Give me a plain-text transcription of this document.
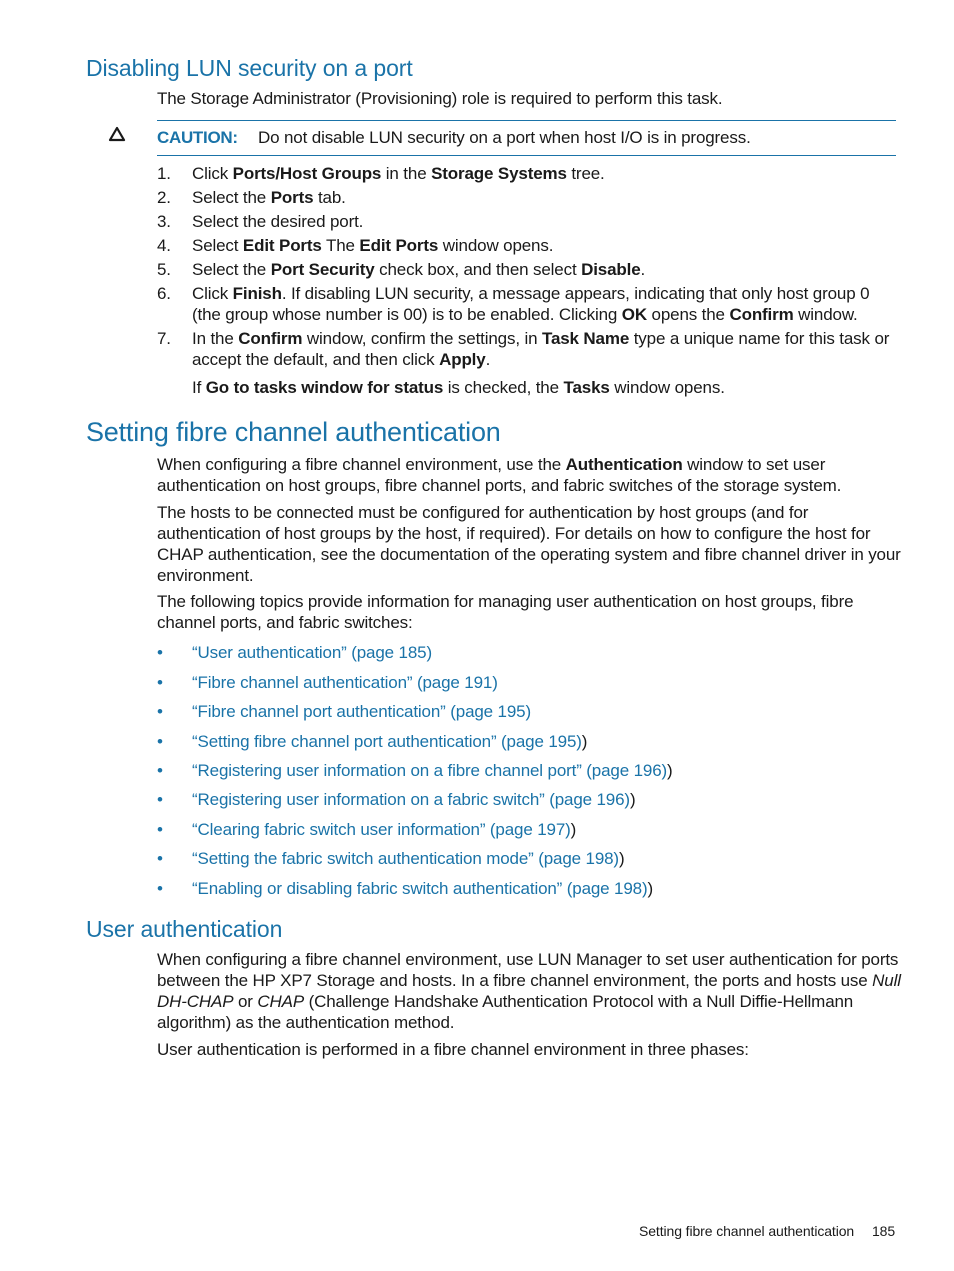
Disabling LUN security on a port

The Storage Administrator (Provisioning) role is required to perform this task.

CAUTION: Do not disable LUN security on a port when host I/O is in progress.
1. Click Ports/Host Groups in the Storage Systems tree.
2. Select the Ports tab.
3. Select the desired port.
4. Select Edit Ports The Edit Ports window opens.
5. Select the Port Security check box, and then select Disable.
6. Click Finish. If disabling LUN security, a message appears, indicating that only host group 0 (the group whose number is 00) is to be enabled. Clicking OK opens the Confirm window.
7. In the Confirm window, confirm the settings, in Task Name type a unique name for this task or accept the default, and then click Apply.

If Go to tasks window for status is checked, the Tasks window opens.

Setting fibre channel authentication

When configuring a fibre channel environment, use the Authentication window to set user authentication on host groups, fibre channel ports, and fabric switches of the storage system.

The hosts to be connected must be configured for authentication by host groups (and for authentication of host groups by the host, if required). For details on how to configure the host for CHAP authentication, see the documentation of the operating system and fibre channel driver in your environment.

The following topics provide information for managing user authentication on host groups, fibre channel ports, and fabric switches:

• “User authentication” (page 185)
• “Fibre channel authentication” (page 191)
• “Fibre channel port authentication” (page 195)
• “Setting fibre channel port authentication” (page 195))
• “Registering user information on a fibre channel port” (page 196))
• “Registering user information on a fabric switch” (page 196))
• “Clearing fabric switch user information” (page 197))
• “Setting the fabric switch authentication mode” (page 198))
• “Enabling or disabling fabric switch authentication” (page 198))
User authentication

When configuring a fibre channel environment, use LUN Manager to set user authentication for ports between the HP XP7 Storage and hosts. In a fibre channel environment, the ports and hosts use Null DH-CHAP or CHAP (Challenge Handshake Authentication Protocol with a Null Diffie-Hellmann algorithm) as the authentication method.

User authentication is performed in a fibre channel environment in three phases:

Setting fibre channel authentication 185
